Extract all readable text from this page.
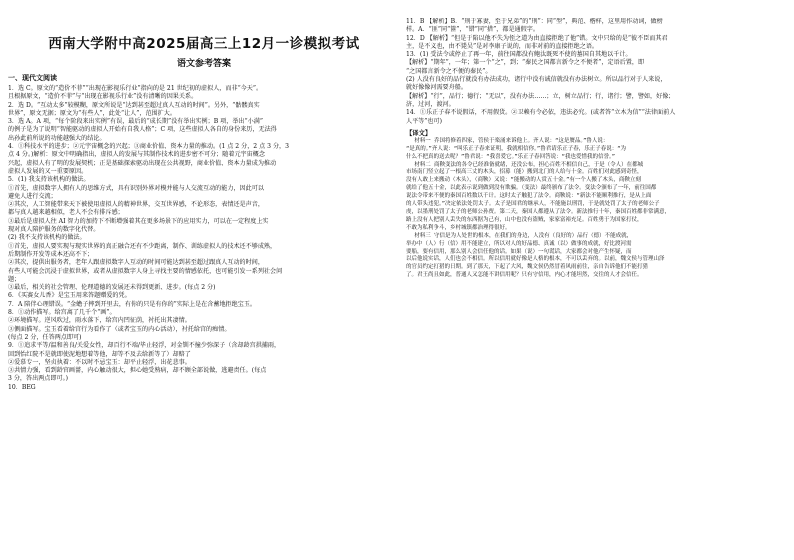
西南大学附中高2025届高三上12月一诊模拟考试
语文参考答案
一、现代文阅读

1．选 C。原文的“造价不菲”“出现在影视乐行业”指向的是 21 世纪初的虚拟人，而非“今天”。

且根据原文，“造价不菲”与“出现在影视乐行业”没有清晰的因果关系。

2．选 D。“互动太多”较模糊，原文所说是“达到甚至超过真人互动的时间”。另外，“骷髅真实

世界”，原文无据；原文为“有些人”，此处“让人”，范围扩大。

3．选 A。A 项，“每个阶段来出实例”有误，最后的“成长期”没有举出实例；B 项，举出“小满”

的例子是为了说明“智能驱动的虚拟人开始有自我人格”；C 项，这些虚拟人各自的身份来历，无法得

出孙此前所说的功能越强大的结论。

4．①科技水平的进步；②元宇宙概念的兴起；③商业价值、资本力量的推动。(1 点 2 分，2 点 3 分，3

点 4 分。)解析：原文中明确指出，虚拟人的发展与其制作技术的进步密不可分；随着元宇宙概念

兴起，虚拟人有了明的发展契机；正是基础探索驱动出现在公共视野，商业价值、资本力量成为推动

虚拟人发展的又一重要原因。

5．(1) 我支持该机构的做法。

①首先，虚拟数字人拥有人的思维方式，具有识别外界对模并能与人交流互动的能力，因此可以

避免人进行交流；

②其次，人工智能带来天下被使用虚拟人的精神世界，交互世界感，不论形态，表情还是声音，

都与真人越来越相似，老人不会有排斥感；

③最后是虚拟人往 AI 智力的加持下不断增强着其在更多场景下的应用实力，可以在一定程度上实

现对真人陪护服务的数字化代替。

(2) 我不支持该机构的做法。

①首先，虚拟人要实现与现实世界的真正融合还有不少距离，制作、训练虚拟人的技术还不够成熟，

后期制作开发等成本还高不下；

②其次，提供出服务者，老年人跟虚拟数字人互动的时间可能达到甚至超过跟真人互动的时间，

有些人可能会沉浸于虚拟世界，或者从虚拟数字人身上寻找主要的情感依托，也可能引发一系列社会问

题；

③最后，相关的社会管理、伦理道德的发展还未得到更新、进步。(每点 2 分)

6．《买赛女儿香》是宝玉用来答题赠爱的凭。

7．A 陪伴心理错误。“金蟾子摔到开里去，有你的只是有你的”实际上是在含蓄地拒绝宝玉。

8．①动作描写。给宫离了几千个“画”。

②环境描写。逆风吹过，雨水落下，给宫内凹征荫，衬托出其凄情。

③侧面描写。宝玉看着给宫行为看作了（或者宝玉的内心活动），衬托给宫的痴情。

(每点 2 分，任答两点即可)

9．①追求平等/温和善良/关爱女性，却百行不端/毕止轻浮，对金钏不撞少弥深子（含却龄宫拱捕雨，

回到怡红院不是就即使泥地想着等他，却等不及去给新等了）却赔了

②爱慕专一，坚贞执着：不以时不忌宝玉：却平止轻浮，出花悲事。

③共情力强，看到龄官画蔷，内心触动很大，担心她受熟病，却不顾全部说做，逃避责任。(每点

3 分，答出两点即可。)

10．BEG

11．B 【解析】B．“刑于寡妻，至于兄弟”的“刑”：同“型”，典范、楷样，这里用作动词，做榜

样。A．“匪”同“篚”，“错”同“措”，都是通假字。

12．D 【解析】“但是于陷以他不失为侄之道为由直接拒绝了他”错。文中只给的是“彼不臣而其君

主，是不义也，由不毙吴”是对李康子说的，而非对前的直接拒绝之语。

13．(1) 受法令或停止了再一年，前往国都没有鲍汰既死不使的墓国自其地以千计。

【解析】“期年”，一年；第一个“之”，到；“秦民之国都言新令之不便者”，定语后置，即

“之国都言新令之不便的秦民”。

(2) 人没有良好的品行就没有办法成功，诸行中没有诚信就没有办法树立。所以品行对于人来说，

就好像像河需要舟船。

【解析】“行”，品行；德行；“无以”，没有办法……；立，树立品行；行，诸行；譬，譬如，好像；

济，过河，渡河。

14．①乐正子春不说假话，不用假货。②卫赖有令必依，违法必究。(或者答“立木为信”“法律面前人

人平等”也可)

【译文】

材料一 乔国将修着四家，管侯于楽涌来诉他上。齐人说：“这是赝品。”鲁人说：

“是真的。”齐人说：“叫乐正子春来证明，我就相信你。”鲁君请乐正子春，乐正子春说：“为

什么不把真的送去呢？”鲁君说：“我喜爱它。”乐正子春回答说：“我也爱惜我的信誉。”

材料二 商鞅变法的各令已经准备就绪，还没公布，担心百姓不相信自己，于是（令人）在都城

市场南门竖立起了一根高三丈的木头，招募（能）搬到北门的人给与十金。百姓们对此感到奇怪，

没有人敢上来搬动（木头），（商鞅）又说：“能搬动的人赏五十金。”有一个人搬了木头，商鞅立刻

就给了他五十金，以此表示说到做到没有欺骗。（变法）最终颁布了法令。变法令颁布了一年，前往国都

说法令带来不便的秦国百姓数以千计。这时太子触犯了法令。商鞅说：“新法不能顺利推行，是从上面

的人带头违犯。”决定依法处罚太子。太子是国君的继承人，不能施以刑罚，于是就处罚了太子的老师公子

虔，以墨刑处罚了太子的老师公孙贾。第二天，秦国人都遵从了法令。新法推行十年，秦国百姓都非常满意，

路上没有人把别人丢失的东西据为己有，山中也没有盗贼，家家富裕充足。百姓勇于为国家打仗，

不敢为私利争斗，乡村城镇都治理得很好。

材料三 守信是为人处世的根本，在我们的身边，人没有（良好的）品行（德）不能成就，

举办中（人）行（信）用不能建立，所以对人的好品德、真诚（以）做事的成就，好比渡河需

要船，要有信用，那么别人会信任他的话。如果（说）一句谎话，大家都会对他产生怀疑，而

以后他说实话，人们也会不相信。所以信用就好像是人格的根本，不可以丢弃的。以前，魏文侯与管理山泽

的官员约定打猎的日期。到了那天，下起了大风，魏文侯仍然冒着风雨前往，亲自告诉他们不能打猎

了。君王尚且如此，普通人又怎能不讲信用呢？只有守信用，内心才能坦然，交往的人才会信任。
